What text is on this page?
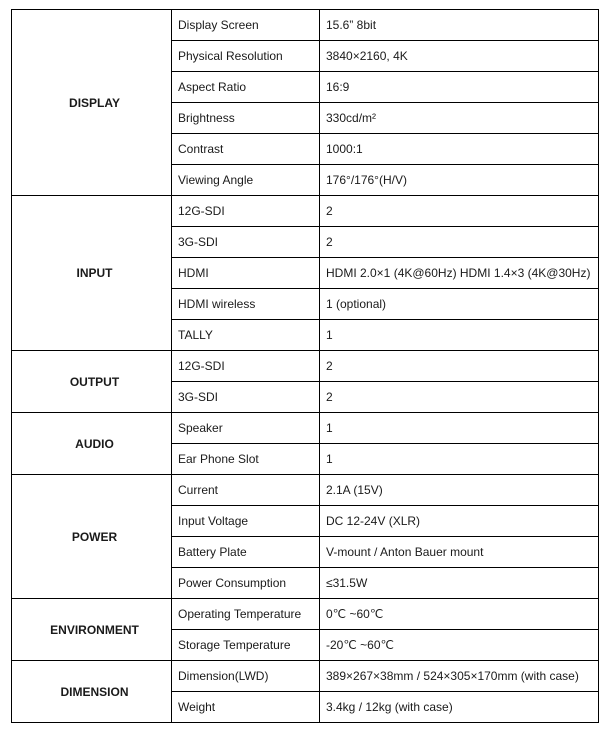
DISPLAY	Display Screen	15.6” 8bit
	Physical Resolution	3840×2160, 4K
	Aspect Ratio	16:9
	Brightness	330cd/m²
	Contrast	1000:1
	Viewing Angle	176°/176°(H/V)
INPUT	12G-SDI	2
	3G-SDI	2
	HDMI	HDMI 2.0×1 (4K@60Hz) HDMI 1.4×3 (4K@30Hz)
	HDMI wireless	1 (optional)
	TALLY	1
OUTPUT	12G-SDI	2
	3G-SDI	2
AUDIO	Speaker	1
	Ear Phone Slot	1
POWER	Current	2.1A (15V)
	Input Voltage	DC 12-24V (XLR)
	Battery Plate	V-mount / Anton Bauer mount
	Power Consumption	≤31.5W
ENVIRONMENT	Operating Temperature	0℃ ~60℃
	Storage Temperature	-20℃ ~60℃
DIMENSION	Dimension(LWD)	389×267×38mm / 524×305×170mm (with case)
	Weight	3.4kg / 12kg (with case)
